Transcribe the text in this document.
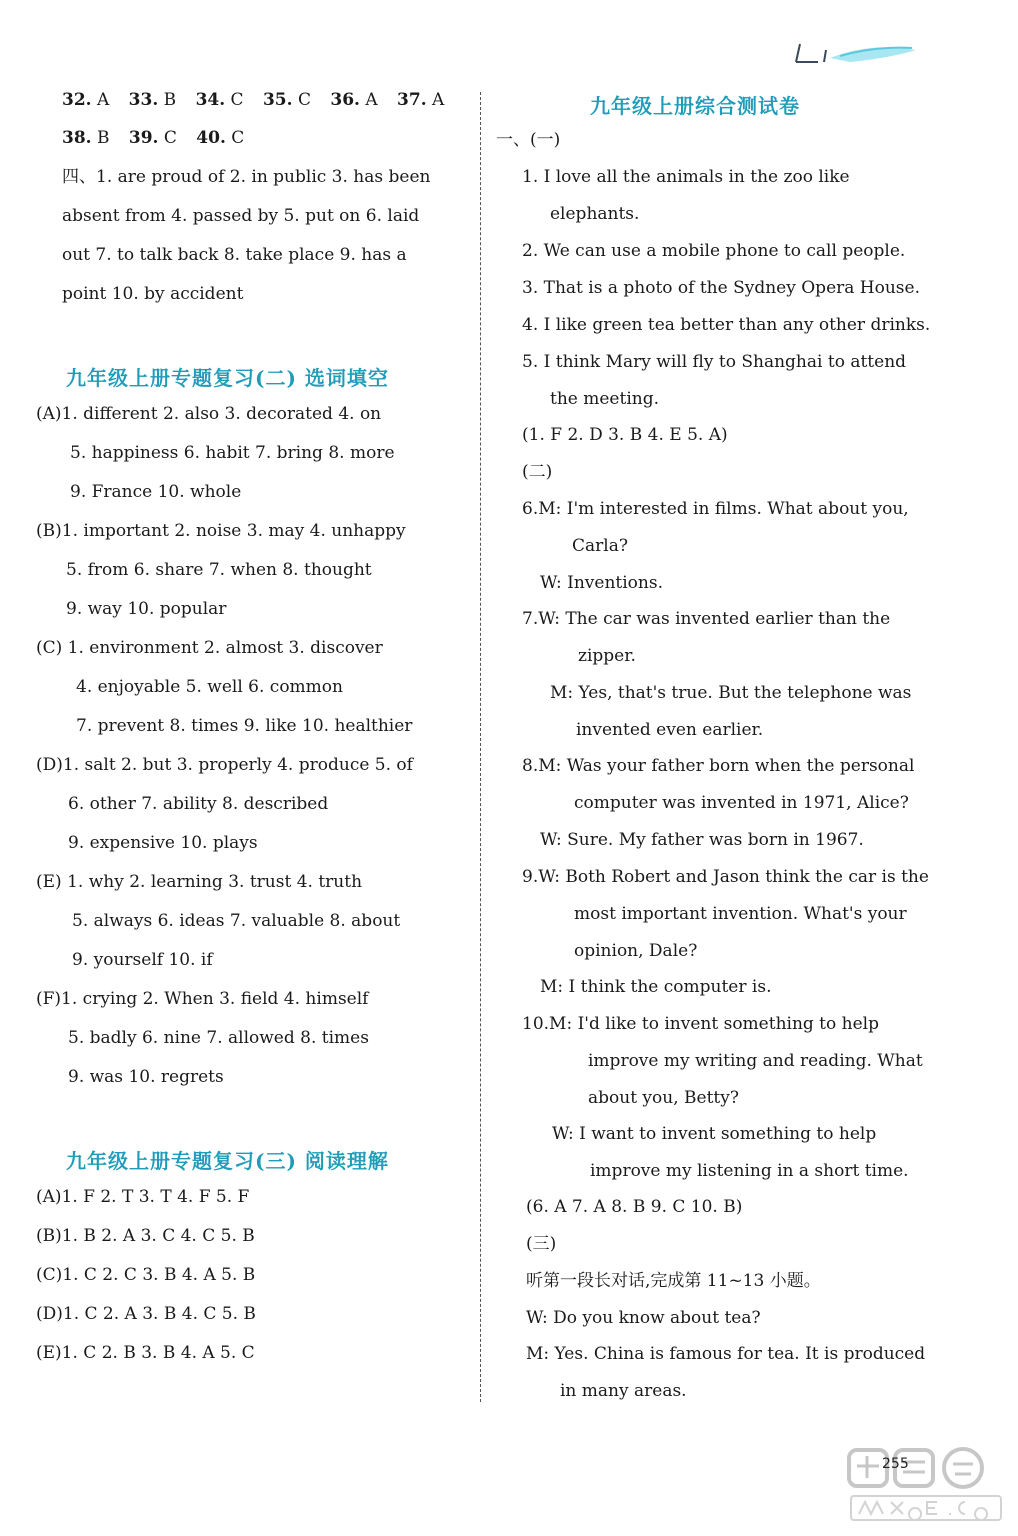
32. A 33. B 34. C 35. C 36. A 37. A
38. B 39. C 40. C
四、1. are proud of 2. in public 3. has been
absent from 4. passed by 5. put on 6. laid
out 7. to talk back 8. take place 9. has a
point 10. by accident
九年级上册专题复习(二) 选词填空
(A)1. different 2. also 3. decorated 4. on
5. happiness 6. habit 7. bring 8. more
9. France 10. whole
(B)1. important 2. noise 3. may 4. unhappy
5. from 6. share 7. when 8. thought
9. way 10. popular
(C) 1. environment 2. almost 3. discover
4. enjoyable 5. well 6. common
7. prevent 8. times 9. like 10. healthier
(D)1. salt 2. but 3. properly 4. produce 5. of
6. other 7. ability 8. described
9. expensive 10. plays
(E) 1. why 2. learning 3. trust 4. truth
5. always 6. ideas 7. valuable 8. about
9. yourself 10. if
(F)1. crying 2. When 3. field 4. himself
5. badly 6. nine 7. allowed 8. times
9. was 10. regrets
九年级上册专题复习(三) 阅读理解
(A)1. F 2. T 3. T 4. F 5. F
(B)1. B 2. A 3. C 4. C 5. B
(C)1. C 2. C 3. B 4. A 5. B
(D)1. C 2. A 3. B 4. C 5. B
(E)1. C 2. B 3. B 4. A 5. C
九年级上册综合测试卷
一、(一)
1. I love all the animals in the zoo like
elephants.
2. We can use a mobile phone to call people.
3. That is a photo of the Sydney Opera House.
4. I like green tea better than any other drinks.
5. I think Mary will fly to Shanghai to attend
the meeting.
(1. F 2. D 3. B 4. E 5. A)
(二)
6.M: I'm interested in films. What about you,
Carla?
W: Inventions.
7.W: The car was invented earlier than the
zipper.
M: Yes, that's true. But the telephone was
invented even earlier.
8.M: Was your father born when the personal
computer was invented in 1971, Alice?
W: Sure. My father was born in 1967.
9.W: Both Robert and Jason think the car is the
most important invention. What's your
opinion, Dale?
M: I think the computer is.
10.M: I'd like to invent something to help
improve my writing and reading. What
about you, Betty?
W: I want to invent something to help
improve my listening in a short time.
(6. A 7. A 8. B 9. C 10. B)
(三)
听第一段长对话,完成第 11~13 小题。
W: Do you know about tea?
M: Yes. China is famous for tea. It is produced
in many areas.
255
